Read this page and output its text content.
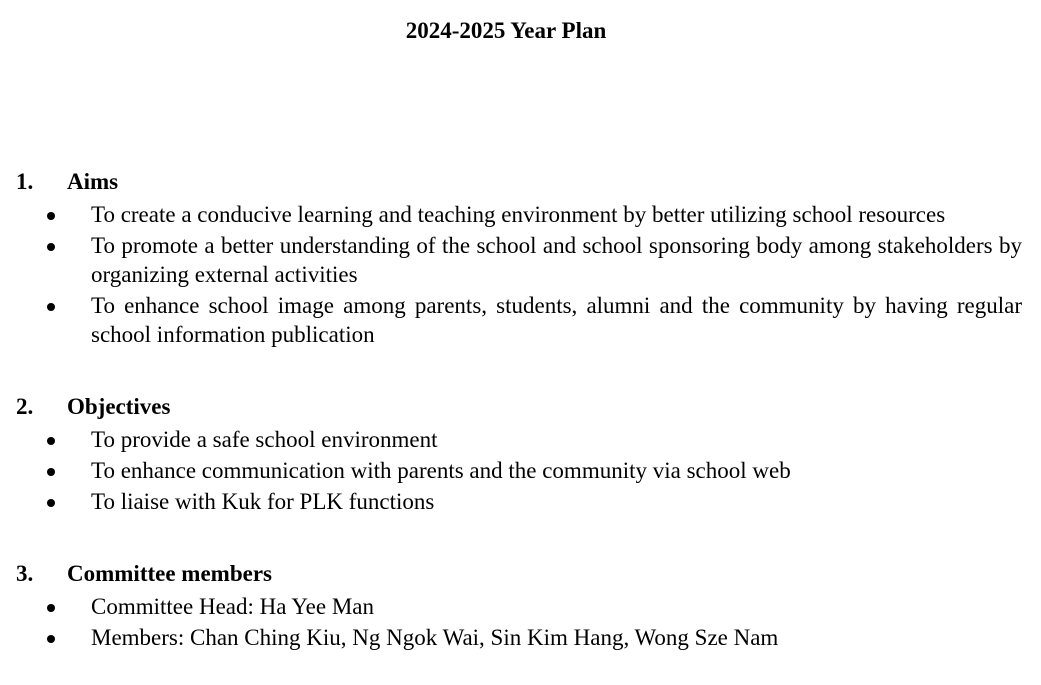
2024-2025 Year Plan
1.	Aims
To create a conducive learning and teaching environment by better utilizing school resources
To promote a better understanding of the school and school sponsoring body among stakeholders by organizing external activities
To enhance school image among parents, students, alumni and the community by having regular school information publication
2.	Objectives
To provide a safe school environment
To enhance communication with parents and the community via school web
To liaise with Kuk for PLK functions
3.	Committee members
Committee Head: Ha Yee Man
Members: Chan Ching Kiu, Ng Ngok Wai, Sin Kim Hang, Wong Sze Nam
